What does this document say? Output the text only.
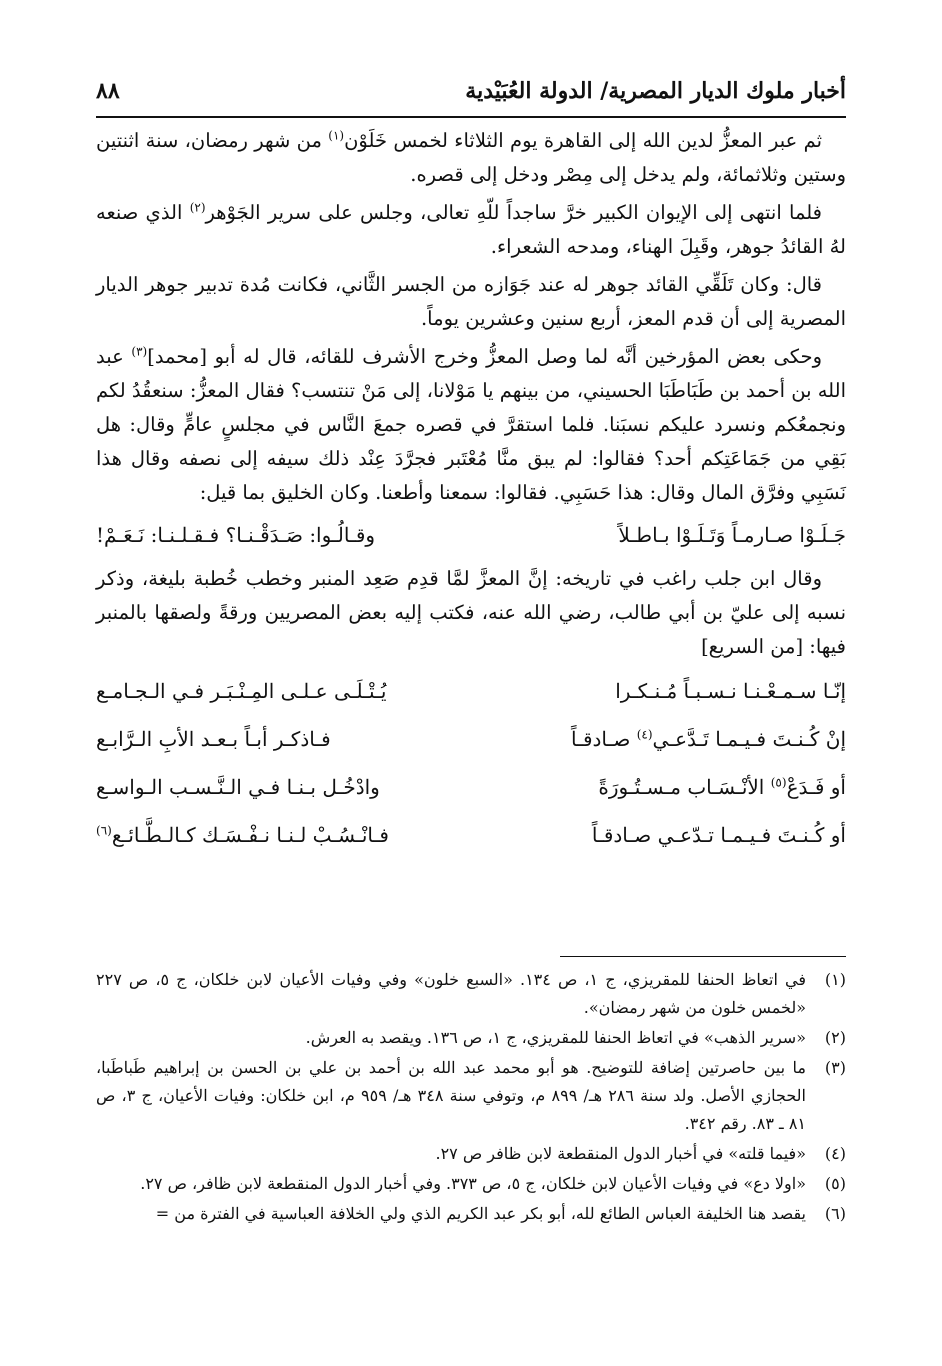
أخبار ملوك الديار المصرية/ الدولة العُبَيْدية
٨٨

ثم عبر المعزُّ لدين الله إلى القاهرة يوم الثلاثاء لخمس خَلَوْن$^{(١)}$ من شهر رمضان، سنة اثنتين وستين وثلاثمائة، ولم يدخل إلى مِصْر ودخل إلى قصره.

فلما انتهى إلى الإيوان الكبير خرَّ ساجداً للّهِ تعالى، وجلس على سرير الجَوْهر$^{(٢)}$ الذي صنعه لهُ القائدُ جوهر، وقَبِلَ الهناء، ومدحه الشعراء.

قال: وكان تَلَقِّي القائد جوهر له عند جَوَازه من الجسر الثَّاني، فكانت مُدة تدبير جوهر الديار المصرية إلى أن قدم المعز، أربع سنين وعشرين يوماً.

وحكى بعض المؤرخين أنَّه لما وصل المعزُّ وخرج الأشرف للقائه، قال له أبو [محمد]$^{(٣)}$ عبد الله بن أحمد بن طَبَاطَبَا الحسيني، من بينهم يا مَوْلانا، إلى مَنْ تنتسب؟ فقال المعزُّ: سنعقُدُ لكم ونجمعُكم ونسرد عليكم نسبَنا. فلما استقرَّ في قصره جمعَ النَّاس في مجلسٍ عامٍّ وقال: هل بَقِي من جَمَاعَتِكم أحد؟ فقالوا: لم يبق منَّا مُعْتَبر فجرَّدَ عِنْد ذلك سيفه إلى نصفه وقال هذا نَسَبِي وفرَّق المال وقال: هذا حَسَبِي. فقالوا: سمعنا وأطعنا. وكان الخليق بما قيل:

جَـلَـوْا صـارمـاً وَتَـلَـوْا بـاطـلاً
وقـالُـوا: صَـدَقْـنـا؟ فـقـلـنـا: نَـعَـمْ!

وقال ابن جلب راغب في تاريخه: إنَّ المعزَّ لمَّا قدِم صَعِد المنبر وخطب خُطبة بليغة، وذكر نسبه إلى عليّ بن أبي طالب، رضي الله عنه، فكتب إليه بعض المصريين ورقةً ولصقها بالمنبر فيها: [من السريع]

إنّـا سـمـعْـنـا نـسـبـاً مُـنـكـرا
يُـتْـلَـى عـلـى المِـنْـبَـر فـي الـجـامـع
إنْ كُـنـتَ فـيـمـا تَـدَّعـي$^{(٤)}$ صـادقـاً
فـاذكـر أبـاً بـعـد الأبِ الـرَّابـع
أو فَـدَعْ$^{(٥)}$ الأنْـسَـاب مـسـتُـورَةً
وادْخُـل بـنـا فـي الـنَّـسـب الـواسـع
أو كُـنـتَ فـيـمـا تـدّعـي صـادقـاً
فـانْـسُـبْ لـنـا نـفْـسَـك كـالـطَّـائـع$^{(٦)}$
(١)
في اتعاظ الحنفا للمقريزي، ج ١، ص ١٣٤. «السبع خلون» وفي وفيات الأعيان لابن خلكان، ج ٥، ص ٢٢٧ «لخمس خلون من شهر رمضان».
(٢)
«سرير الذهب» في اتعاظ الحنفا للمقريزي، ج ١، ص ١٣٦. ويقصد به العرش.
(٣)
ما بين حاصرتين إضافة للتوضيح. هو أبو محمد عبد الله بن أحمد بن علي بن الحسن بن إبراهيم طَباطَبا، الحجازي الأصل. ولد سنة ٢٨٦ هـ/ ٨٩٩ م، وتوفي سنة ٣٤٨ هـ/ ٩٥٩ م، ابن خلكان: وفيات الأعيان، ج ٣، ص ٨١ ـ ٨٣. رقم ٣٤٢.
(٤)
«فيما قلته» في أخبار الدول المنقطعة لابن ظافر ص ٢٧.
(٥)
«اولا دع» في وفيات الأعيان لابن خلكان، ج ٥، ص ٣٧٣. وفي أخبار الدول المنقطعة لابن ظافر، ص ٢٧.
(٦)
يقصد هنا الخليفة العباس الطائع لله، أبو بكر عبد الكريم الذي ولي الخلافة العباسية في الفترة من =
